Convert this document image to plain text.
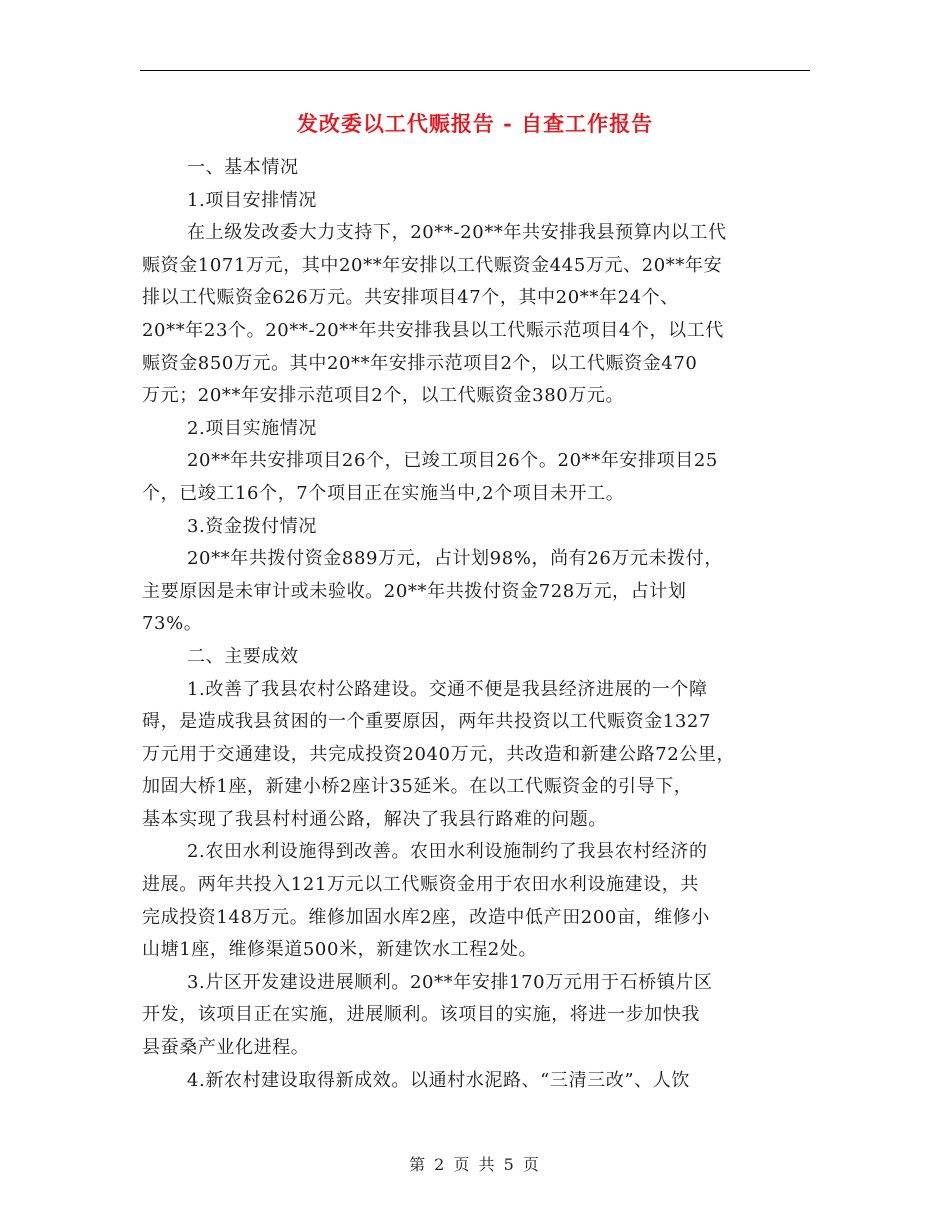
发改委以工代赈报告 - 自查工作报告
一、基本情况
1.项目安排情况
在上级发改委大力支持下，20**-20**年共安排我县预算内以工代
赈资金1071万元，其中20**年安排以工代赈资金445万元、20**年安
排以工代赈资金626万元。共安排项目47个，其中20**年24个、
20**年23个。20**-20**年共安排我县以工代赈示范项目4个，以工代
赈资金850万元。其中20**年安排示范项目2个，以工代赈资金470
万元；20**年安排示范项目2个，以工代赈资金380万元。
2.项目实施情况
20**年共安排项目26个，已竣工项目26个。20**年安排项目25
个，已竣工16个，7个项目正在实施当中,2个项目未开工。
3.资金拨付情况
20**年共拨付资金889万元，占计划98%，尚有26万元未拨付，
主要原因是未审计或未验收。20**年共拨付资金728万元，占计划
73%。
二、主要成效
1.改善了我县农村公路建设。交通不便是我县经济进展的一个障
碍，是造成我县贫困的一个重要原因，两年共投资以工代赈资金1327
万元用于交通建设，共完成投资2040万元，共改造和新建公路72公里，
加固大桥1座，新建小桥2座计35延米。在以工代赈资金的引导下，
基本实现了我县村村通公路，解决了我县行路难的问题。
2.农田水利设施得到改善。农田水利设施制约了我县农村经济的
进展。两年共投入121万元以工代赈资金用于农田水利设施建设，共
完成投资148万元。维修加固水库2座，改造中低产田200亩，维修小
山塘1座，维修渠道500米，新建饮水工程2处。
3.片区开发建设进展顺利。20**年安排170万元用于石桥镇片区
开发，该项目正在实施，进展顺利。该项目的实施，将进一步加快我
县蚕桑产业化进程。
4.新农村建设取得新成效。以通村水泥路、“三清三改”、人饮
第 2 页 共 5 页
